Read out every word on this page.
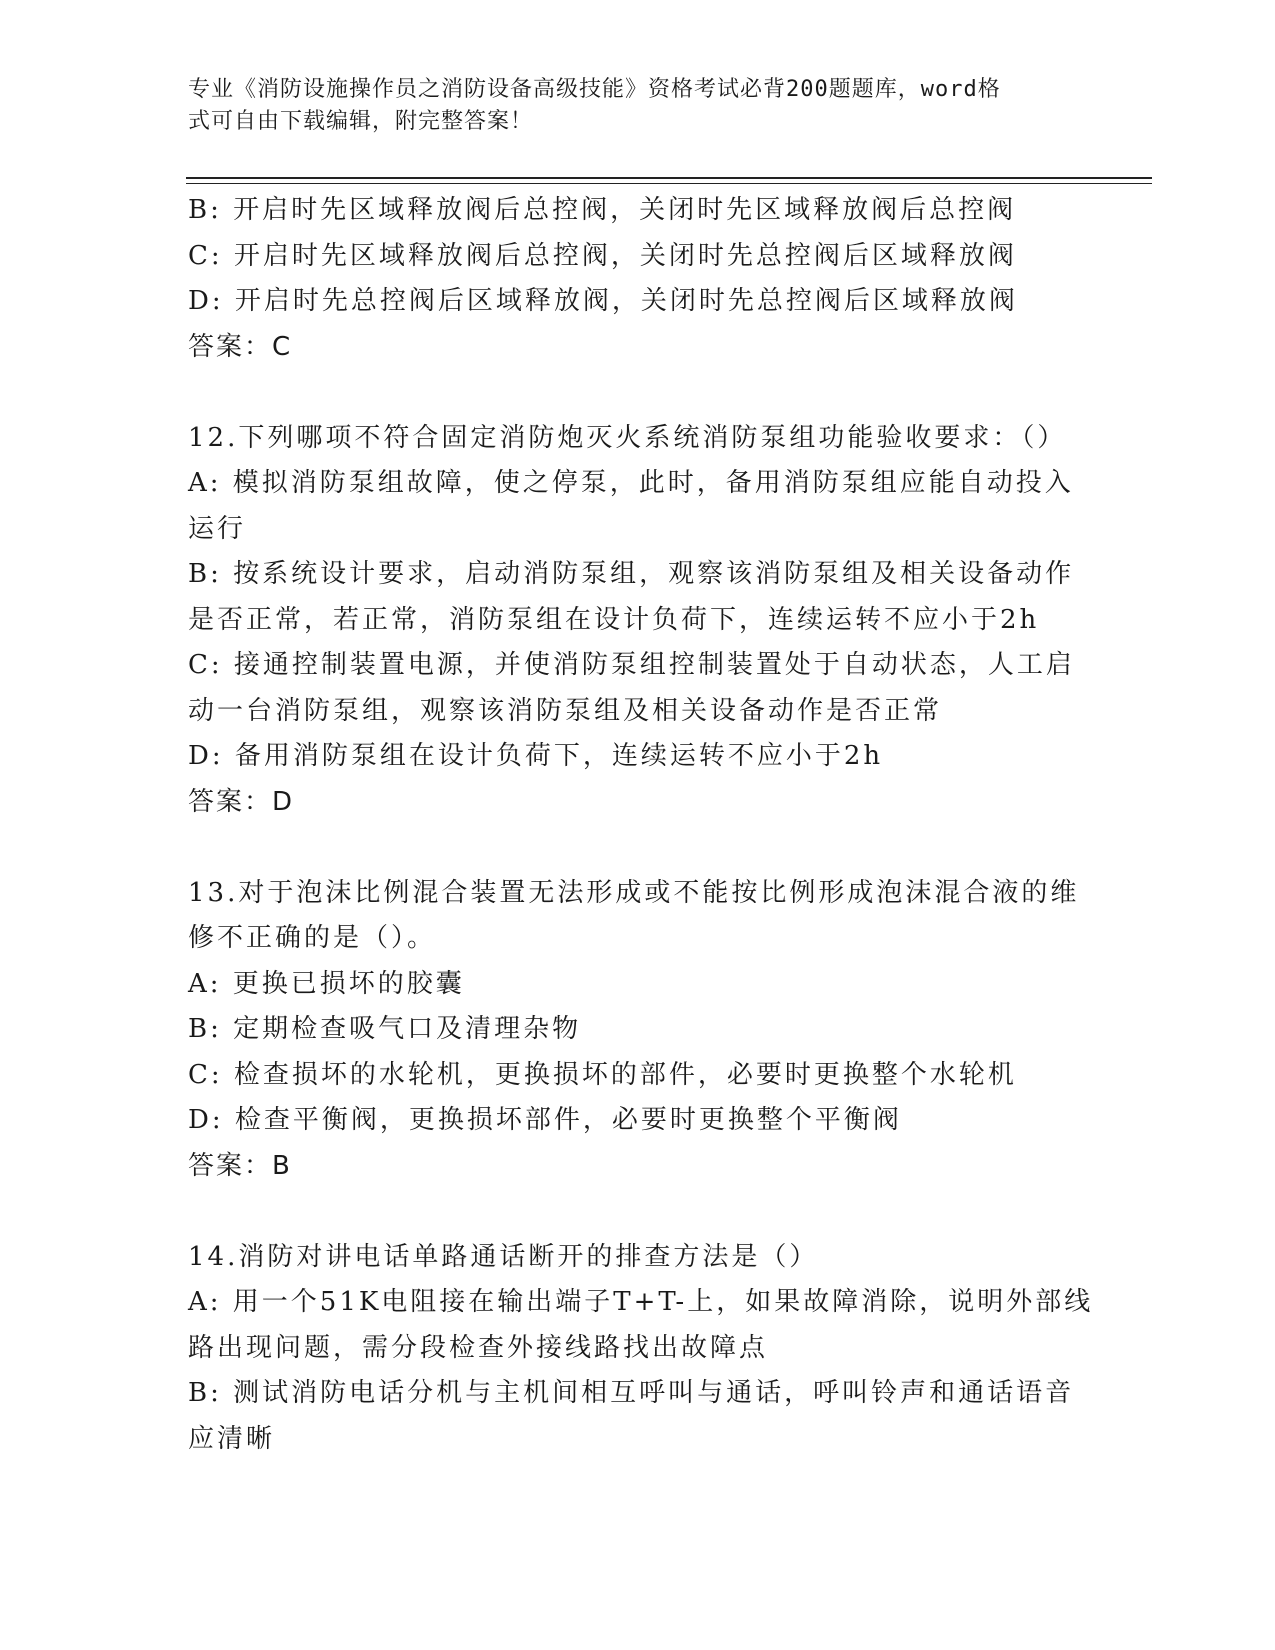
专业《消防设施操作员之消防设备高级技能》资格考试必背200题题库，word格
式可自由下载编辑，附完整答案！
B: 开启时先区域释放阀后总控阀，关闭时先区域释放阀后总控阀
C: 开启时先区域释放阀后总控阀，关闭时先总控阀后区域释放阀
D: 开启时先总控阀后区域释放阀，关闭时先总控阀后区域释放阀
答案：C
12.下列哪项不符合固定消防炮灭火系统消防泵组功能验收要求：（）
A: 模拟消防泵组故障，使之停泵，此时，备用消防泵组应能自动投入
运行
B: 按系统设计要求，启动消防泵组，观察该消防泵组及相关设备动作
是否正常，若正常，消防泵组在设计负荷下，连续运转不应小于2h
C: 接通控制装置电源，并使消防泵组控制装置处于自动状态，人工启
动一台消防泵组，观察该消防泵组及相关设备动作是否正常
D: 备用消防泵组在设计负荷下，连续运转不应小于2h
答案：D
13.对于泡沫比例混合装置无法形成或不能按比例形成泡沫混合液的维
修不正确的是（）。
A: 更换已损坏的胶囊
B: 定期检查吸气口及清理杂物
C: 检查损坏的水轮机，更换损坏的部件，必要时更换整个水轮机
D: 检查平衡阀，更换损坏部件，必要时更换整个平衡阀
答案：B
14.消防对讲电话单路通话断开的排查方法是（）
A: 用一个51K电阻接在输出端子T+T-上，如果故障消除，说明外部线
路出现问题，需分段检查外接线路找出故障点
B: 测试消防电话分机与主机间相互呼叫与通话，呼叫铃声和通话语音
应清晰
